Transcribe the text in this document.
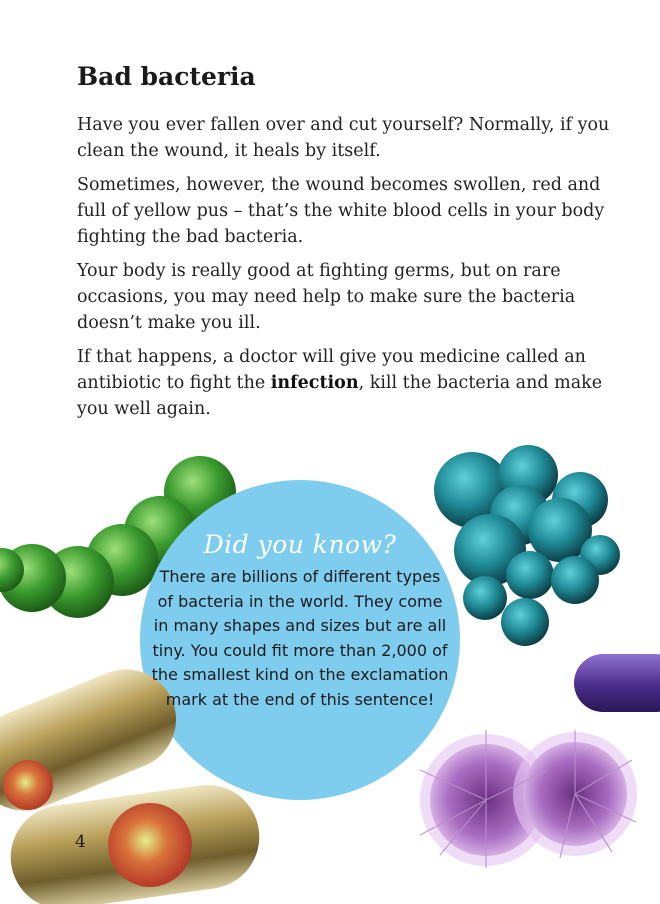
Bad bacteria

Have you ever fallen over and cut yourself? Normally, if you clean the wound, it heals by itself.

Sometimes, however, the wound becomes swollen, red and full of yellow pus – that’s the white blood cells in your body fighting the bad bacteria.

Your body is really good at fighting germs, but on rare occasions, you may need help to make sure the bacteria doesn’t make you ill.

If that happens, a doctor will give you medicine called an antibiotic to fight the infection, kill the bacteria and make you well again.

Did you know?
There are billions of different types of bacteria in the world. They come in many shapes and sizes but are all tiny. You could fit more than 2,000 of the smallest kind on the exclamation mark at the end of this sentence!
4
